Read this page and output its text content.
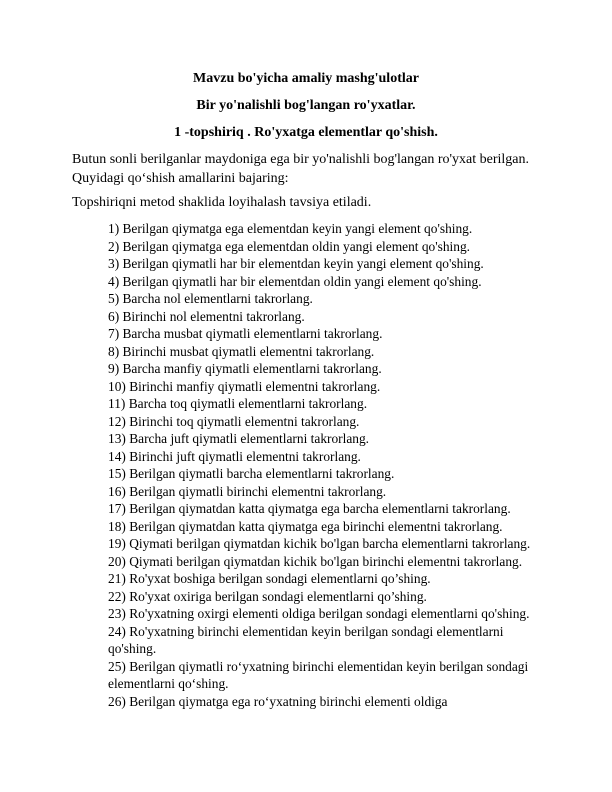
Mavzu bo'yicha amaliy mashg'ulotlar
Bir yo'nalishli bog'langan ro'yxatlar.
1 -topshiriq . Ro'yxatga elementlar qo'shish.

Butun sonli berilganlar maydoniga ega bir yo'nalishli bog'langan ro'yxat berilgan.

Quyidagi qo‘shish amallarini bajaring:

Topshiriqni metod shaklida loyihalash tavsiya etiladi.

1) Berilgan qiymatga ega elementdan keyin yangi element qo'shing.
2) Berilgan qiymatga ega elementdan oldin yangi element qo'shing.
3) Berilgan qiymatli har bir elementdan keyin yangi element qo'shing.
4) Berilgan qiymatli har bir elementdan oldin yangi element qo'shing.
5) Barcha nol elementlarni takrorlang.
6) Birinchi nol elementni takrorlang.
7) Barcha musbat qiymatli elementlarni takrorlang.
8) Birinchi musbat qiymatli elementni takrorlang.
9) Barcha manfiy qiymatli elementlarni takrorlang.
10) Birinchi manfiy qiymatli elementni takrorlang.
11) Barcha toq qiymatli elementlarni takrorlang.
12) Birinchi toq qiymatli elementni takrorlang.
13) Barcha juft qiymatli elementlarni takrorlang.
14) Birinchi juft qiymatli elementni takrorlang.
15) Berilgan qiymatli barcha elementlarni takrorlang.
16) Berilgan qiymatli birinchi elementni takrorlang.
17) Berilgan qiymatdan katta qiymatga ega barcha elementlarni takrorlang.
18) Berilgan qiymatdan katta qiymatga ega birinchi elementni takrorlang.
19) Qiymati berilgan qiymatdan kichik bo'lgan barcha elementlarni takrorlang.
20) Qiymati berilgan qiymatdan kichik bo'lgan birinchi elementni takrorlang.
21) Ro'yxat boshiga berilgan sondagi elementlarni qo’shing.
22) Ro'yxat oxiriga berilgan sondagi elementlarni qo’shing.
23) Ro'yxatning oxirgi elementi oldiga berilgan sondagi elementlarni qo'shing.
24) Ro'yxatning birinchi elementidan keyin berilgan sondagi elementlarni qo'shing.
25) Berilgan qiymatli ro‘yxatning birinchi elementidan keyin berilgan sondagi elementlarni qo‘shing.
26) Berilgan qiymatga ega ro‘yxatning birinchi elementi oldiga
